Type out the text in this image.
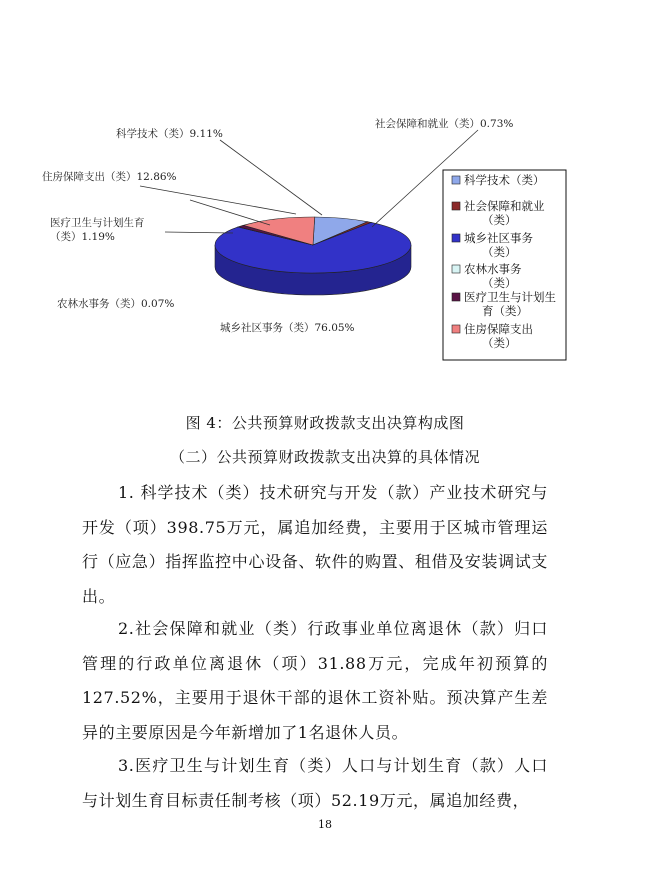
科学技术（类）9.11%
社会保障和就业（类）0.73%
城乡社区事务（类）76.05%
农林水事务（类）0.07%
医疗卫生与计划生育（类）1.19%
住房保障支出（类）12.86%	科学技术（类）
社会保障和就业（类）
城乡社区事务（类）
农林水事务（类）
医疗卫生与计划生育（类）
住房保障支出（类）

图 4：公共预算财政拨款支出决算构成图

（二）公共预算财政拨款支出决算的具体情况

1. 科学技术（类）技术研究与开发（款）产业技术研究与开发（项）398.75万元，属追加经费，主要用于区城市管理运行（应急）指挥监控中心设备、软件的购置、租借及安装调试支出。

2.社会保障和就业（类）行政事业单位离退休（款）归口管理的行政单位离退休（项）31.88万元，完成年初预算的127.52%，主要用于退休干部的退休工资补贴。预决算产生差异的主要原因是今年新增加了1名退休人员。

3.医疗卫生与计划生育（类）人口与计划生育（款）人口与计划生育目标责任制考核（项）52.19万元，属追加经费，

18
